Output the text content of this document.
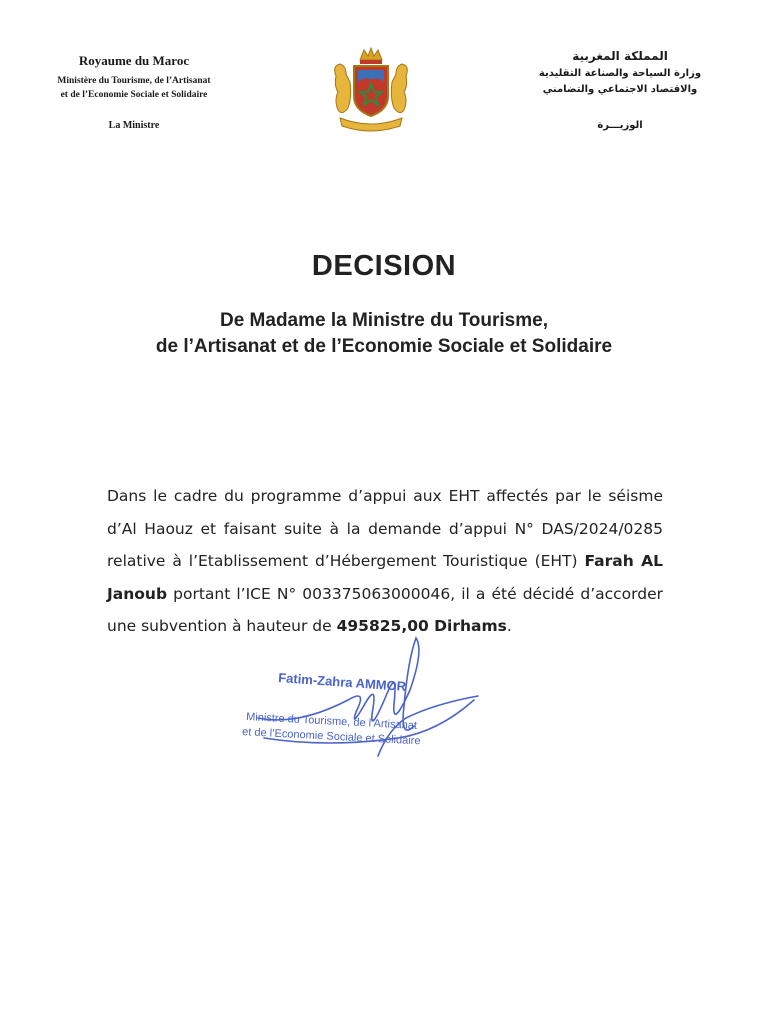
Royaume du Maroc
Ministère du Tourisme, de l’Artisanat
et de l’Economie Sociale et Solidaire
La Ministre
المملكة المغربية
وزارة السياحة والصناعة التقليدية
والاقتصاد الاجتماعي والتضامني
الوزيـــرة
DECISION
De Madame la Ministre du Tourisme,
de l’Artisanat et de l’Economie Sociale et Solidaire
Dans le cadre du programme d’appui aux EHT affectés par le séisme d’Al Haouz et faisant suite à la demande d’appui N° DAS/2024/0285 relative à l’Etablissement d’Hébergement Touristique (EHT) Farah AL Janoub portant l’ICE N° 003375063000046, il a été décidé d’accorder une subvention à hauteur de 495825,00 Dirhams.
Fatim-Zahra AMMOR
Ministre du Tourisme, de l’Artisanat
et de l’Economie Sociale et Solidaire
